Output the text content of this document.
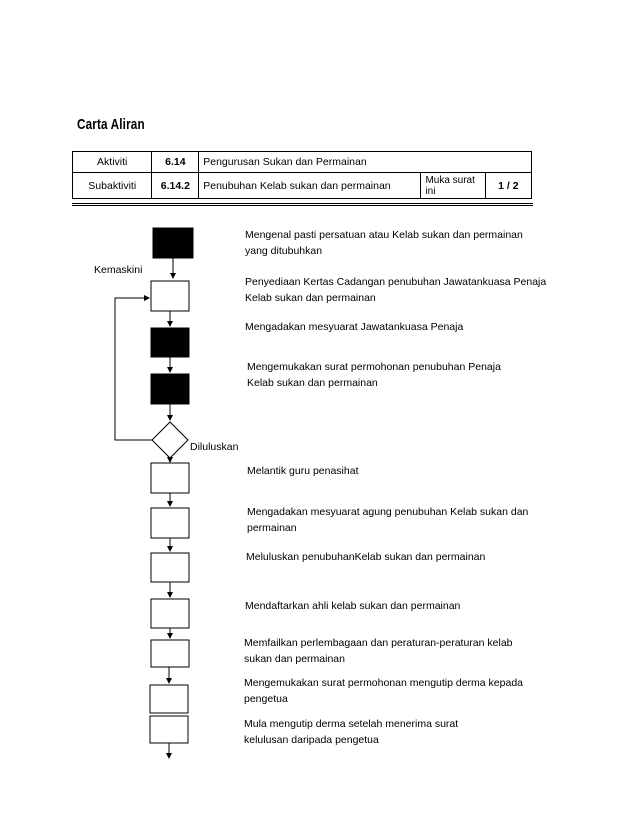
Carta Aliran
Aktiviti	6.14	Pengurusan Sukan dan Permainan		
Subaktiviti	6.14.2	Penubuhan Kelab sukan dan permainan	Muka surat ini	1 / 2
Kemaskini
Diluluskan
Mengenal pasti persatuan atau Kelab sukan dan permainan
yang ditubuhkan
Penyediaan Kertas Cadangan penubuhan Jawatankuasa Penaja
Kelab sukan dan permainan
Mengadakan mesyuarat Jawatankuasa Penaja
Mengemukakan surat permohonan penubuhan Penaja
Kelab sukan dan permainan
Melantik guru penasihat
Mengadakan mesyuarat agung penubuhan Kelab sukan dan
permainan
Meluluskan penubuhanKelab sukan dan permainan
Mendaftarkan ahli kelab sukan dan permainan
Memfailkan perlembagaan dan peraturan-peraturan kelab
sukan dan permainan
Mengemukakan surat permohonan mengutip derma kepada
pengetua
Mula mengutip derma setelah menerima surat
kelulusan daripada pengetua
